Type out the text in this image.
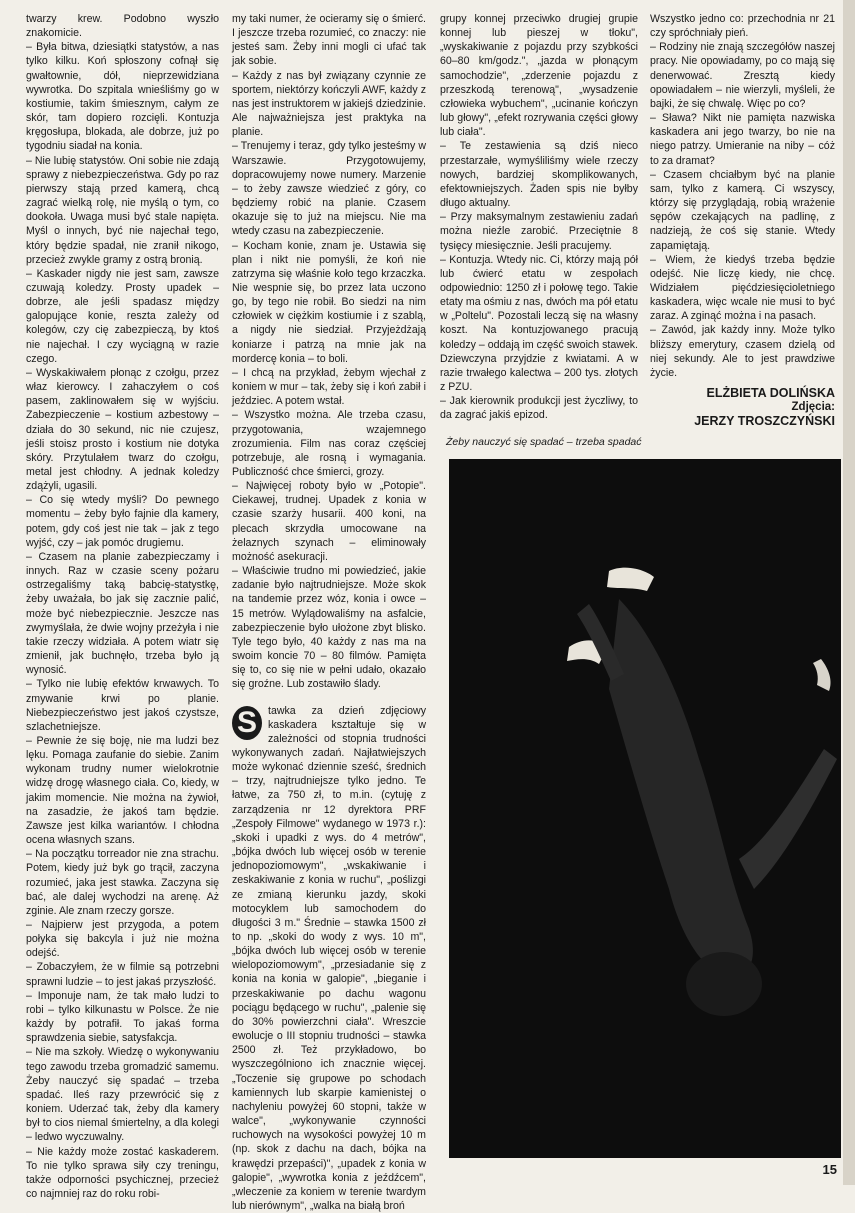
twarzy krew. Podobno wyszło znakomicie.

– Była bitwa, dziesiątki statystów, a nas tylko kilku. Koń spłoszony cofnął się gwałtownie, dół, nieprzewidziana wywrotka. Do szpitala wnieśliśmy go w kostiumie, takim śmiesznym, całym ze skór, tam dopiero rozcięli. Kontuzja kręgosłupa, blokada, ale dobrze, już po tygodniu siadał na konia.

– Nie lubię statystów. Oni sobie nie zdają sprawy z niebezpieczeństwa. Gdy po raz pierwszy stają przed kamerą, chcą zagrać wielką rolę, nie myślą o tym, co dookoła. Uwaga musi być stale napięta. Myśl o innych, być nie najechał tego, który będzie spadał, nie zranił nikogo, przecież zwykle gramy z ostrą bronią.

– Kaskader nigdy nie jest sam, zawsze czuwają koledzy. Prosty upadek – dobrze, ale jeśli spadasz między galopujące konie, reszta zależy od kolegów, czy cię zabezpieczą, by ktoś nie najechał. I czy wyciągną w razie czego.

– Wyskakiwałem płonąc z czołgu, przez właz kierowcy. I zahaczyłem o coś pasem, zaklinowałem się w wyjściu. Zabezpieczenie – kostium azbestowy – działa do 30 sekund, nic nie czujesz, jeśli stoisz prosto i kostium nie dotyka skóry. Przytulałem twarz do czołgu, metal jest chłodny. A jednak koledzy zdążyli, ugasili.

– Co się wtedy myśli? Do pewnego momentu – żeby było fajnie dla kamery, potem, gdy coś jest nie tak – jak z tego wyjść, czy – jak pomóc drugiemu.

– Czasem na planie zabezpieczamy i innych. Raz w czasie sceny pożaru ostrzegaliśmy taką babcię-statystkę, żeby uważała, bo jak się zacznie palić, może być niebezpiecznie. Jeszcze nas zwymyślała, że dwie wojny przeżyła i nie takie rzeczy widziała. A potem wiatr się zmienił, jak buchnęło, trzeba było ją wynosić.

– Tylko nie lubię efektów krwawych. To zmywanie krwi po planie. Niebezpieczeństwo jest jakoś czystsze, szlachetniejsze.

– Pewnie że się boję, nie ma ludzi bez lęku. Pomaga zaufanie do siebie. Zanim wykonam trudny numer wielokrotnie widzę drogę własnego ciała. Co, kiedy, w jakim momencie. Nie można na żywioł, na zasadzie, że jakoś tam będzie. Zawsze jest kilka wariantów. I chłodna ocena własnych szans.

– Na początku torreador nie zna strachu. Potem, kiedy już byk go trącił, zaczyna rozumieć, jaka jest stawka. Zaczyna się bać, ale dalej wychodzi na arenę. Aż zginie. Ale znam rzeczy gorsze.

– Najpierw jest przygoda, a potem połyka się bakcyla i już nie można odejść.

– Zobaczyłem, że w filmie są potrzebni sprawni ludzie – to jest jakaś przyszłość.

– Imponuje nam, że tak mało ludzi to robi – tylko kilkunastu w Polsce. Że nie każdy by potrafił. To jakaś forma sprawdzenia siebie, satysfakcja.

– Nie ma szkoły. Wiedzę o wykonywaniu tego zawodu trzeba gromadzić samemu. Żeby nauczyć się spadać – trzeba spadać. Ileś razy przewrócić się z koniem. Uderzać tak, żeby dla kamery był to cios niemal śmiertelny, a dla kolegi – ledwo wyczuwalny.

– Nie każdy może zostać kaskaderem. To nie tylko sprawa siły czy treningu, także odporności psychicznej, przecież co najmniej raz do roku robi-

my taki numer, że ocieramy się o śmierć. I jeszcze trzeba rozumieć, co znaczy: nie jesteś sam. Żeby inni mogli ci ufać tak jak sobie.

– Każdy z nas był związany czynnie ze sportem, niektórzy kończyli AWF, każdy z nas jest instruktorem w jakiejś dziedzinie. Ale najważniejsza jest praktyka na planie.

– Trenujemy i teraz, gdy tylko jesteśmy w Warszawie. Przygotowujemy, dopracowujemy nowe numery. Marzenie – to żeby zawsze wiedzieć z góry, co będziemy robić na planie. Czasem okazuje się to już na miejscu. Nie ma wtedy czasu na zabezpieczenie.

– Kocham konie, znam je. Ustawia się plan i nikt nie pomyśli, że koń nie zatrzyma się właśnie koło tego krzaczka. Nie wespnie się, bo przez lata uczono go, by tego nie robił. Bo siedzi na nim człowiek w ciężkim kostiumie i z szablą, a nigdy nie siedział. Przyjeżdżają koniarze i patrzą na mnie jak na mordercę konia – to boli.

– I chcą na przykład, żebym wjechał z koniem w mur – tak, żeby się i koń zabił i jeździec. A potem wstał.

– Wszystko można. Ale trzeba czasu, przygotowania, wzajemnego zrozumienia. Film nas coraz częściej potrzebuje, ale rosną i wymagania. Publiczność chce śmierci, grozy.

– Najwięcej roboty było w „Potopie". Ciekawej, trudnej. Upadek z konia w czasie szarży husarii. 400 koni, na plecach skrzydła umocowane na żelaznych szynach – eliminowały możność asekuracji.

– Właściwie trudno mi powiedzieć, jakie zadanie było najtrudniejsze. Może skok na tandemie przez wóz, konia i owce – 15 metrów. Wylądowaliśmy na asfalcie, zabezpieczenie było ułożone zbyt blisko. Tyle tego było, 40 każdy z nas ma na swoim koncie 70 – 80 filmów. Pamięta się to, co się nie w pełni udało, okazało się groźne. Lub zostawiło ślady.

S	tawka za dzień zdjęciowy kaskadera kształtuje się w zależności od stopnia trudności wykonywanych zadań. Najłatwiejszych może wykonać dziennie sześć, średnich – trzy, najtrudniejsze tylko jedno. Te łatwe, za 750 zł, to m.in. (cytuję z zarządzenia nr 12 dyrektora PRF „Zespoły Filmowe" wydanego w 1973 r.): „skoki i upadki z wys. do 4 metrów", „bójka dwóch lub więcej osób w terenie jednopoziomowym", „wskakiwanie i zeskakiwanie z konia w ruchu", „poślizgi ze zmianą kierunku jazdy, skoki motocyklem lub samochodem do długości 3 m." Średnie – stawka 1500 zł to np. „skoki do wody z wys. 10 m", „bójka dwóch lub więcej osób w terenie wielopoziomowym", „przesiadanie się z konia na konia w galopie", „bieganie i przeskakiwanie po dachu wagonu pociągu będącego w ruchu", „palenie się do 30% powierzchni ciała". Wreszcie ewolucje o III stopniu trudności – stawka 2500 zł. Też przykładowo, bo wyszczególniono ich znacznie więcej. „Toczenie się grupowe po schodach kamiennych lub skarpie kamienistej o nachyleniu powyżej 60 stopni, także w walce", „wykonywanie czynności ruchowych na wysokości powyżej 10 m (np. skok z dachu na dach, bójka na krawędzi przepaści)", „upadek z konia w galopie", „wywrotka konia z jeźdźcem", „wleczenie za koniem w terenie twardym lub nierównym", „walka na białą broń

grupy konnej przeciwko drugiej grupie konnej lub pieszej w tłoku", „wyskakiwanie z pojazdu przy szybkości 60–80 km/godz.", „jazda w płonącym samochodzie", „zderzenie pojazdu z przeszkodą terenową", „wysadzenie człowieka wybuchem", „ucinanie kończyn lub głowy", „efekt rozrywania części głowy lub ciała".

– Te zestawienia są dziś nieco przestarzałe, wymyśliliśmy wiele rzeczy nowych, bardziej skomplikowanych, efektowniejszych. Żaden spis nie byłby długo aktualny.

– Przy maksymalnym zestawieniu zadań można nieźle zarobić. Przeciętnie 8 tysięcy miesięcznie. Jeśli pracujemy.

– Kontuzja. Wtedy nic. Ci, którzy mają pół lub ćwierć etatu w zespołach odpowiednio: 1250 zł i połowę tego. Takie etaty ma ośmiu z nas, dwóch ma pół etatu w „Poltelu". Pozostali leczą się na własny koszt. Na kontuzjowanego pracują koledzy – oddają im część swoich stawek. Dziewczyna przyjdzie z kwiatami. A w razie trwałego kalectwa – 200 tys. złotych z PZU.

– Jak kierownik produkcji jest życzliwy, to da zagrać jakiś epizod.

Żeby nauczyć się spadać – trzeba spadać

Wszystko jedno co: przechodnia nr 21 czy spróchniały pień.

– Rodziny nie znają szczegółów naszej pracy. Nie opowiadamy, po co mają się denerwować. Zresztą kiedy opowiadałem – nie wierzyli, myśleli, że bajki, że się chwalę. Więc po co?

– Sława? Nikt nie pamięta nazwiska kaskadera ani jego twarzy, bo nie na niego patrzy. Umieranie na niby – cóż to za dramat?

– Czasem chciałbym być na planie sam, tylko z kamerą. Ci wszyscy, którzy się przyglądają, robią wrażenie sępów czekających na padlinę, z nadzieją, że coś się stanie. Wtedy zapamiętają.

– Wiem, że kiedyś trzeba będzie odejść. Nie liczę kiedy, nie chcę. Widziałem pięćdziesięcioletniego kaskadera, więc wcale nie musi to być zaraz. A zginąć można i na pasach.

– Zawód, jak każdy inny. Może tylko bliższy emerytury, czasem dzielą od niej sekundy. Ale to jest prawdziwe życie.

ELŻBIETA DOLIŃSKA
Zdjęcia:
JERZY TROSZCZYŃSKI
15
